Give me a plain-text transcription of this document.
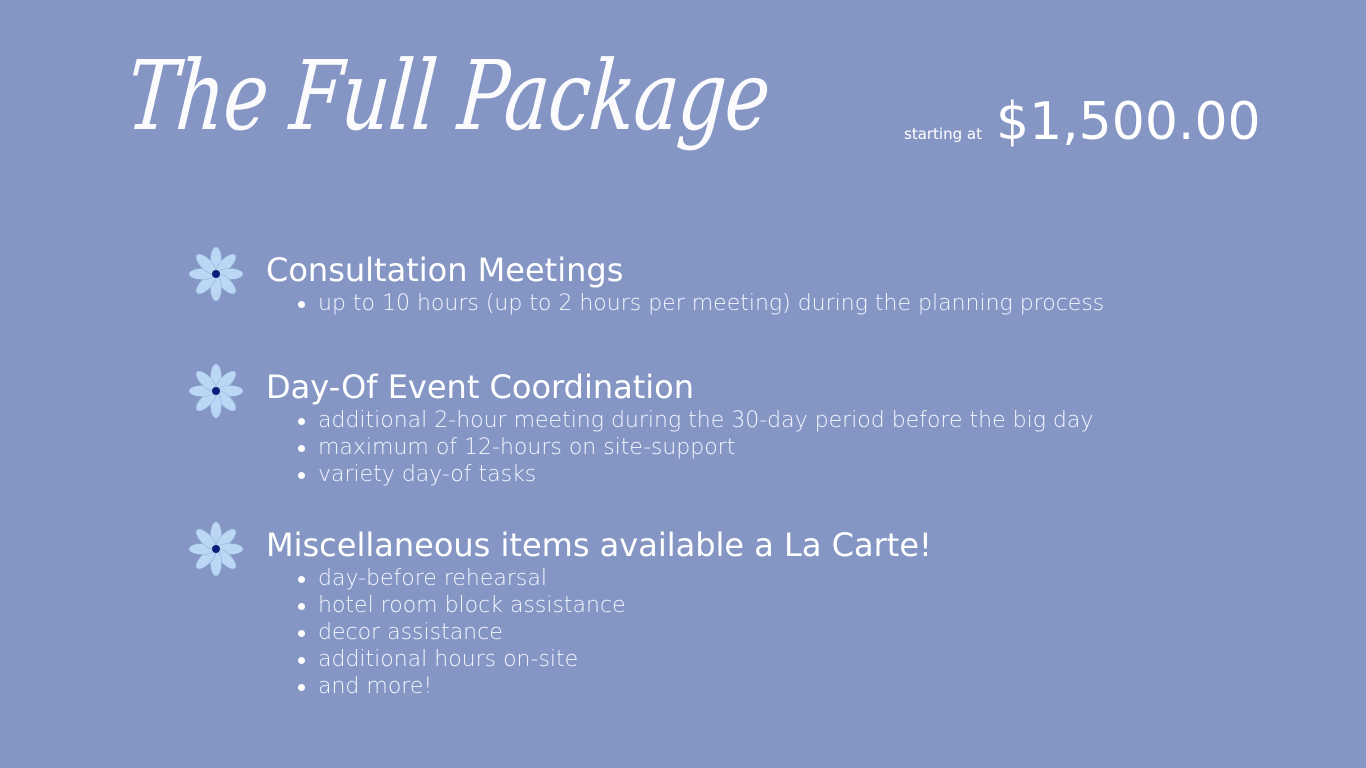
The Full Package	starting at $1,500.00
Consultation Meetings
up to 10 hours (up to 2 hours per meeting) during the planning process
Day-Of Event Coordination
additional 2-hour meeting during the 30-day period before the big day
maximum of 12-hours on site-support
variety day-of tasks
Miscellaneous items available a La Carte!
day-before rehearsal
hotel room block assistance
decor assistance
additional hours on-site
and more!
